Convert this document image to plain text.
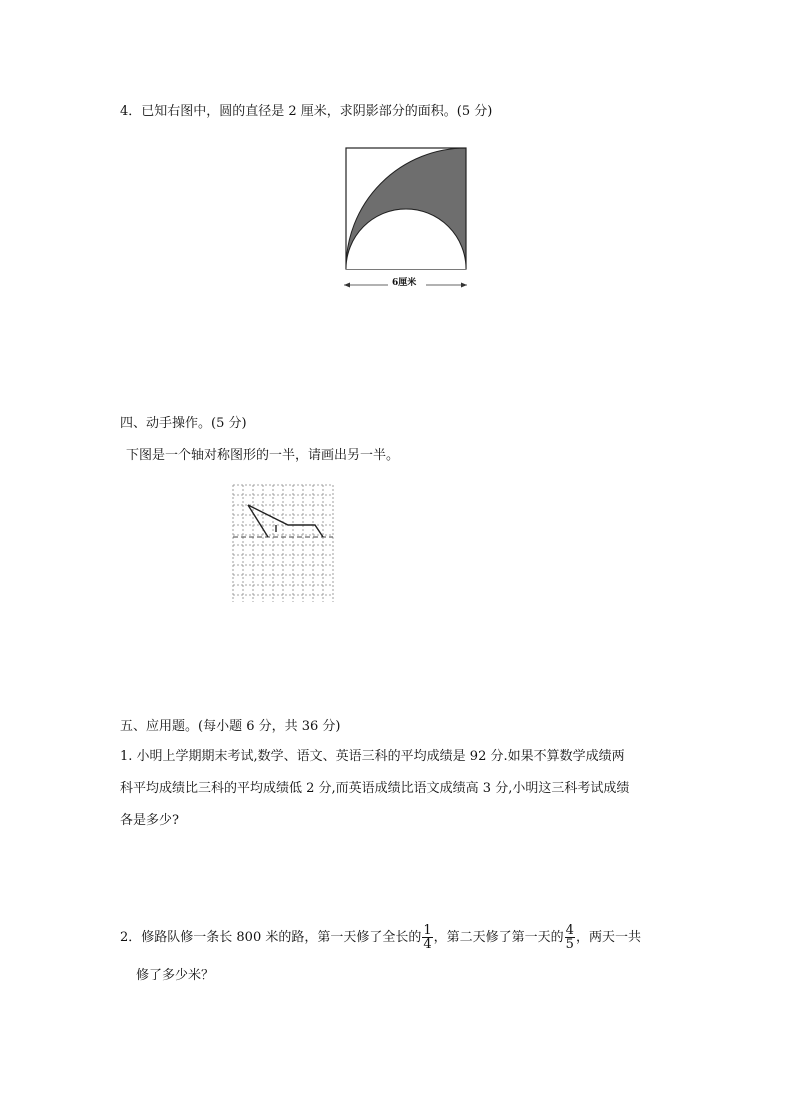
4．已知右图中，圆的直径是 2 厘米，求阴影部分的面积。(5 分)
6厘米
四、动手操作。(5 分)
下图是一个轴对称图形的一半，请画出另一半。
五、应用题。(每小题 6 分，共 36 分)
1. 小明上学期期末考试,数学、语文、英语三科的平均成绩是 92 分.如果不算数学成绩两
科平均成绩比三科的平均成绩低 2 分,而英语成绩比语文成绩高 3 分,小明这三科考试成绩
各是多少?
2．修路队修一条长 800 米的路，第一天修了全长的 $\frac{1}{4}$ ，第二天修了第一天的 $\frac{4}{5}$ ，两天一共
修了多少米？
